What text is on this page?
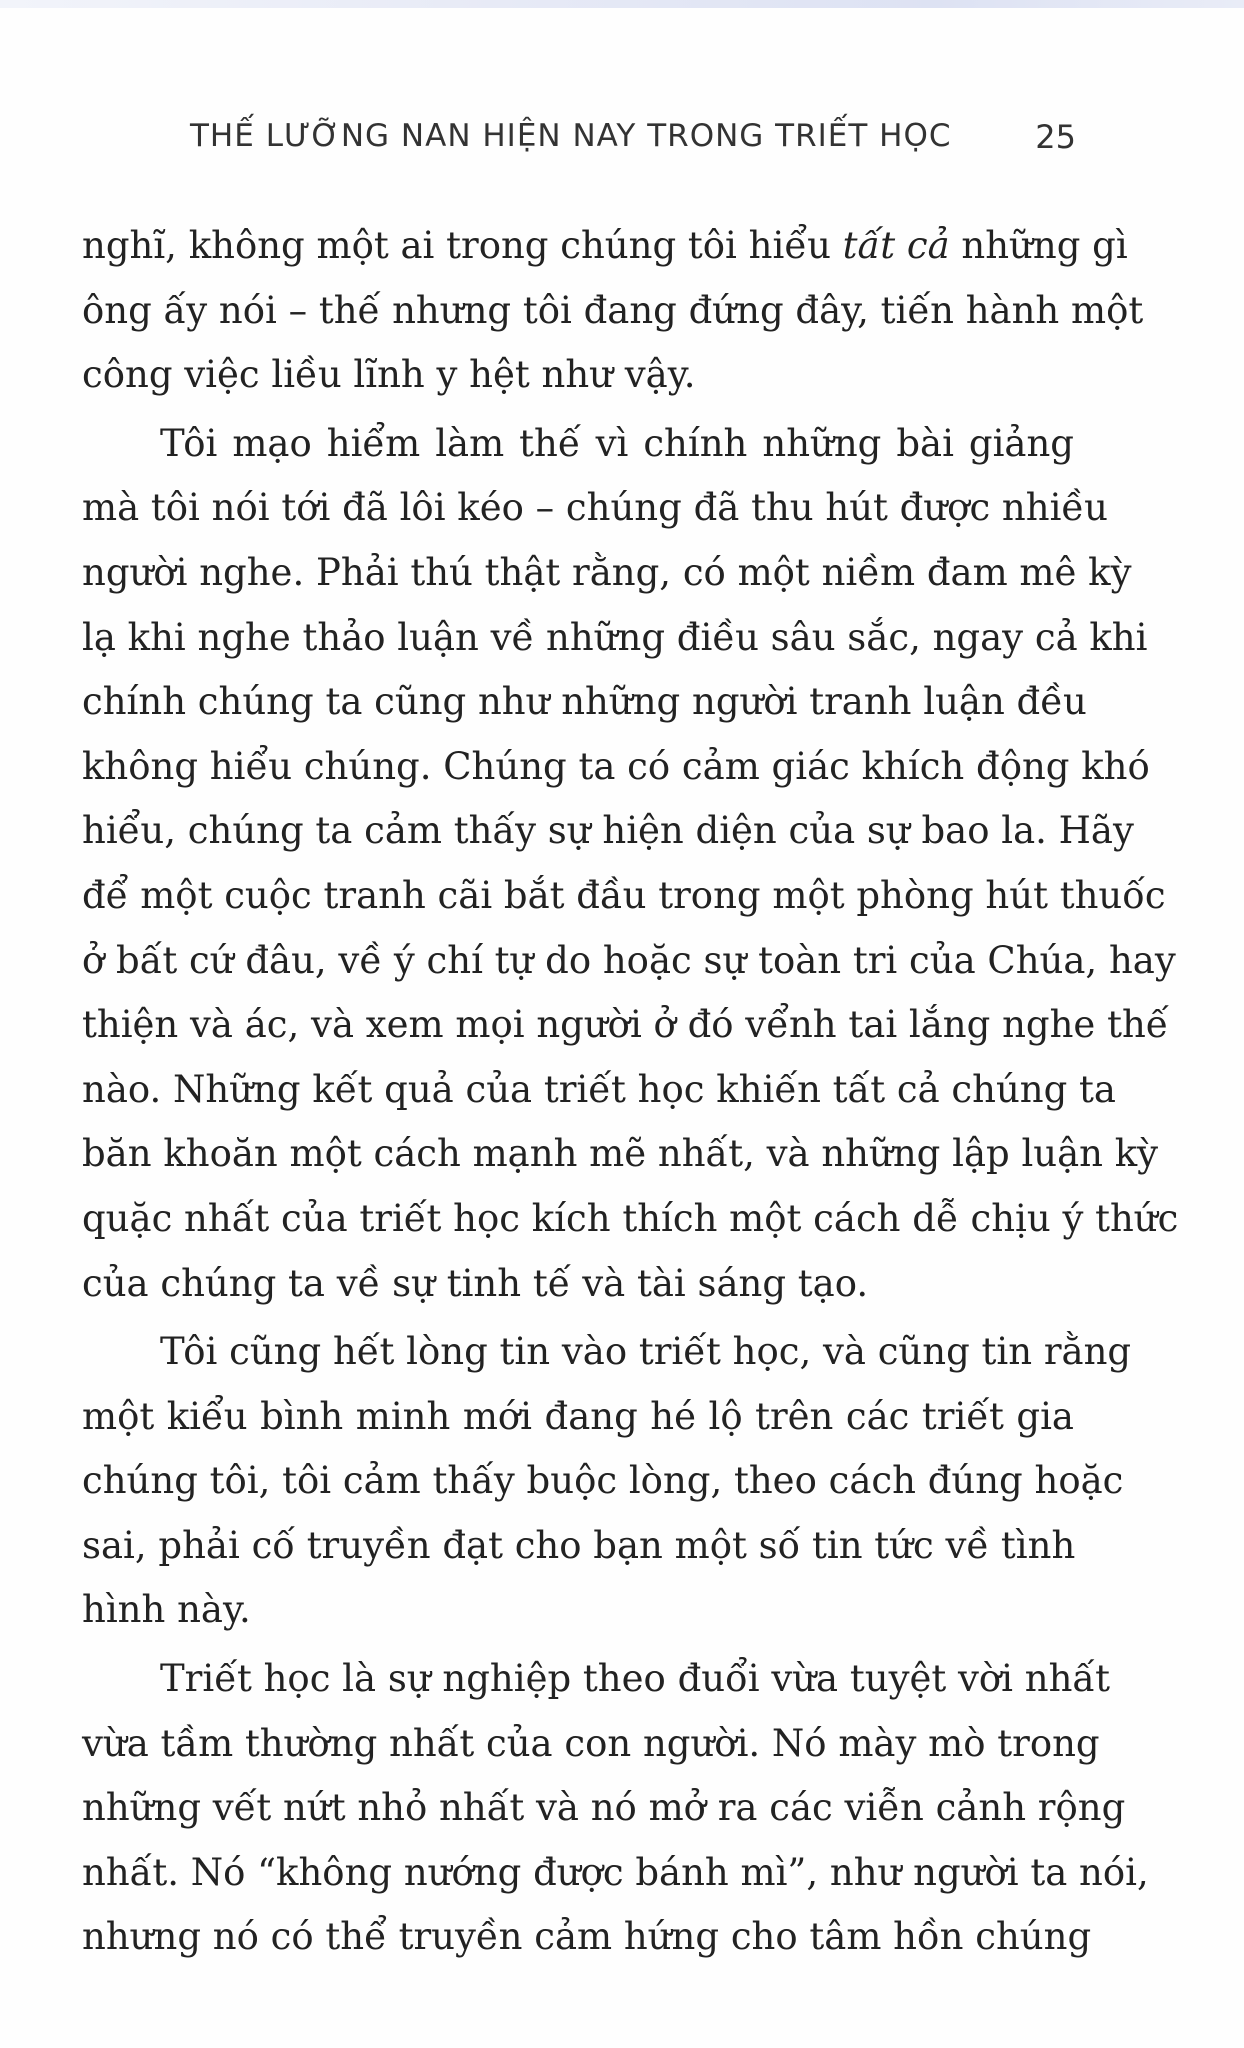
THẾ LƯỠNG NAN HIỆN NAY TRONG TRIẾT HỌC	25

nghĩ, không một ai trong chúng tôi hiểu tất cả những gì
ông ấy nói – thế nhưng tôi đang đứng đây, tiến hành một
công việc liều lĩnh y hệt như vậy.

Tôi mạo hiểm làm thế vì chính những bài giảng
mà tôi nói tới đã lôi kéo – chúng đã thu hút được nhiều
người nghe. Phải thú thật rằng, có một niềm đam mê kỳ
lạ khi nghe thảo luận về những điều sâu sắc, ngay cả khi
chính chúng ta cũng như những người tranh luận đều
không hiểu chúng. Chúng ta có cảm giác khích động khó
hiểu, chúng ta cảm thấy sự hiện diện của sự bao la. Hãy
để một cuộc tranh cãi bắt đầu trong một phòng hút thuốc
ở bất cứ đâu, về ý chí tự do hoặc sự toàn tri của Chúa, hay
thiện và ác, và xem mọi người ở đó vểnh tai lắng nghe thế
nào. Những kết quả của triết học khiến tất cả chúng ta
băn khoăn một cách mạnh mẽ nhất, và những lập luận kỳ
quặc nhất của triết học kích thích một cách dễ chịu ý thức
của chúng ta về sự tinh tế và tài sáng tạo.

Tôi cũng hết lòng tin vào triết học, và cũng tin rằng
một kiểu bình minh mới đang hé lộ trên các triết gia
chúng tôi, tôi cảm thấy buộc lòng, theo cách đúng hoặc
sai, phải cố truyền đạt cho bạn một số tin tức về tình
hình này.

Triết học là sự nghiệp theo đuổi vừa tuyệt vời nhất
vừa tầm thường nhất của con người. Nó mày mò trong
những vết nứt nhỏ nhất và nó mở ra các viễn cảnh rộng
nhất. Nó “không nướng được bánh mì”, như người ta nói,
nhưng nó có thể truyền cảm hứng cho tâm hồn chúng
